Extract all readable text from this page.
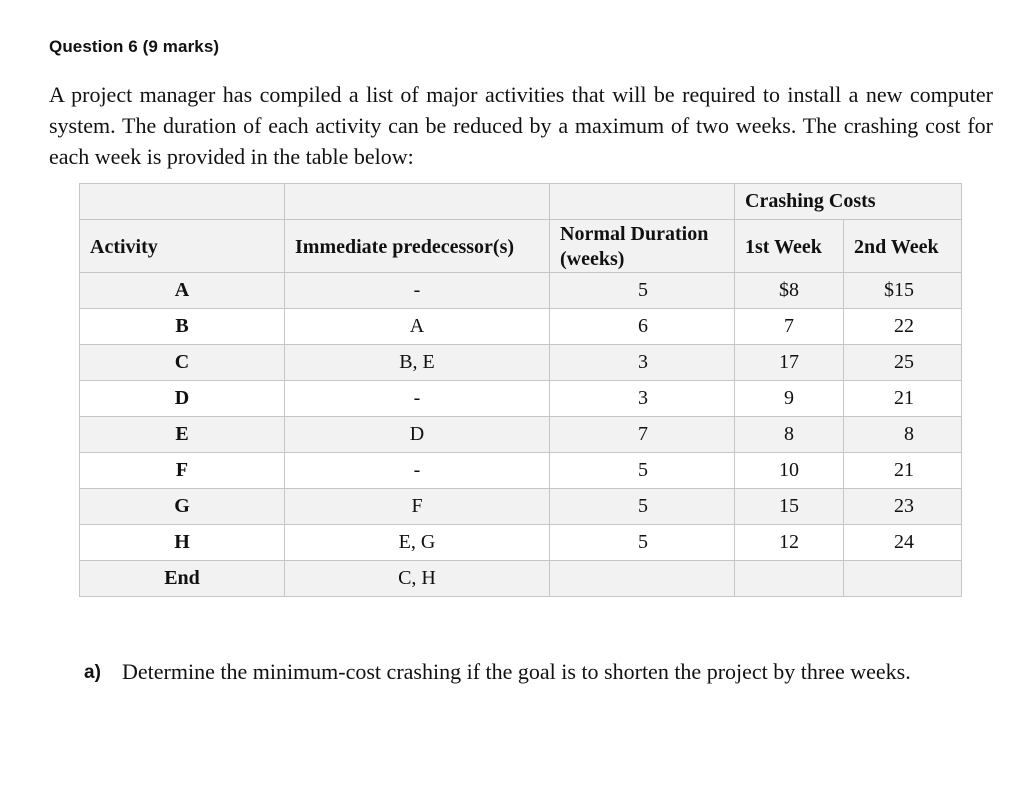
Question 6 (9 marks)
A project manager has compiled a list of major activities that will be required to install a new computer system. The duration of each activity can be reduced by a maximum of two weeks. The crashing cost for each week is provided in the table below:

			Crashing Costs	

Activity	Immediate predecessor(s)	Normal Duration (weeks)	1st Week	2nd Week

A	-	5	$8	$15
B	A	6	7	22
C	B, E	3	17	25
D	-	3	9	21
E	D	7	8	8
F	-	5	10	21
G	F	5	15	23
H	E, G	5	12	24
End	C, H			
a) Determine the minimum-cost crashing if the goal is to shorten the project by three weeks.
